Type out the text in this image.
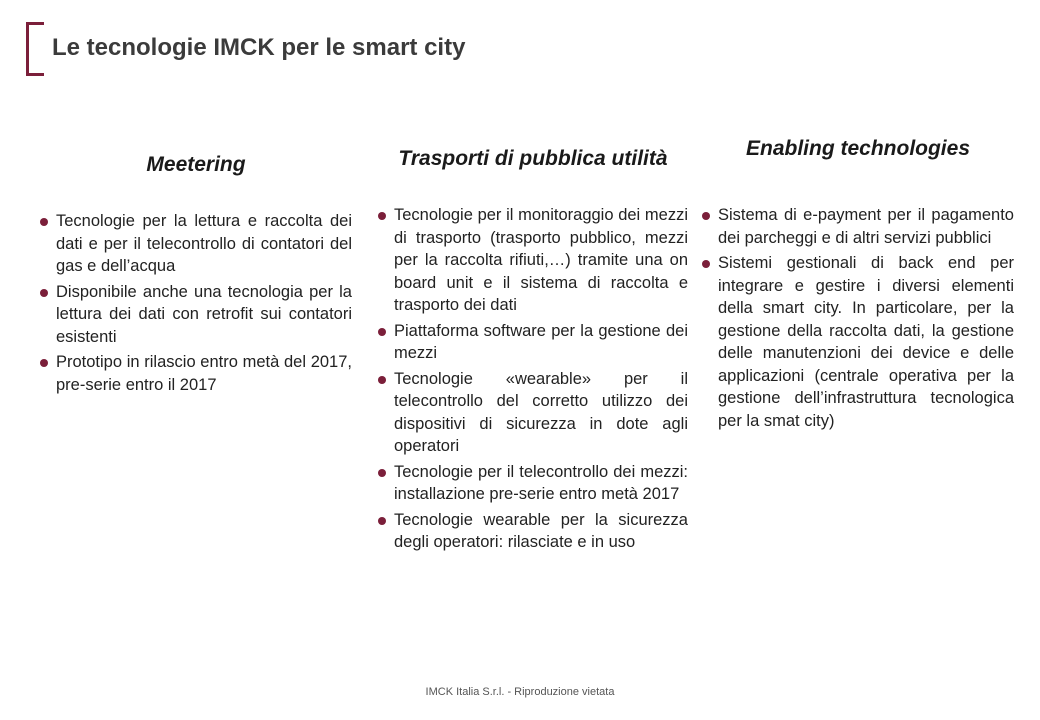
Le tecnologie IMCK per le smart city
Meetering
Tecnologie per la lettura e raccolta dei dati e per il telecontrollo di contatori del gas e dell’acqua
Disponibile anche una tecnologia per la lettura dei dati con retrofit sui contatori esistenti
Prototipo in rilascio entro metà del 2017, pre-serie entro il 2017
Trasporti di pubblica utilità
Tecnologie per il monitoraggio dei mezzi di trasporto (trasporto pubblico, mezzi per la raccolta rifiuti,…) tramite una on board unit e il sistema di raccolta e trasporto dei dati
Piattaforma software per la gestione dei mezzi
Tecnologie «wearable» per il telecontrollo del corretto utilizzo dei dispositivi di sicurezza in dote agli operatori
Tecnologie per il telecontrollo dei mezzi: installazione pre-serie entro metà 2017
Tecnologie wearable per la sicurezza degli operatori: rilasciate e in uso
Enabling technologies
Sistema di e-payment per il pagamento dei parcheggi e di altri servizi pubblici
Sistemi gestionali di back end per integrare e gestire i diversi elementi della smart city. In particolare, per la gestione della raccolta dati, la gestione delle manutenzioni dei device e delle applicazioni (centrale operativa per la gestione dell’infrastruttura tecnologica per la smat city)
IMCK Italia S.r.l. - Riproduzione vietata
